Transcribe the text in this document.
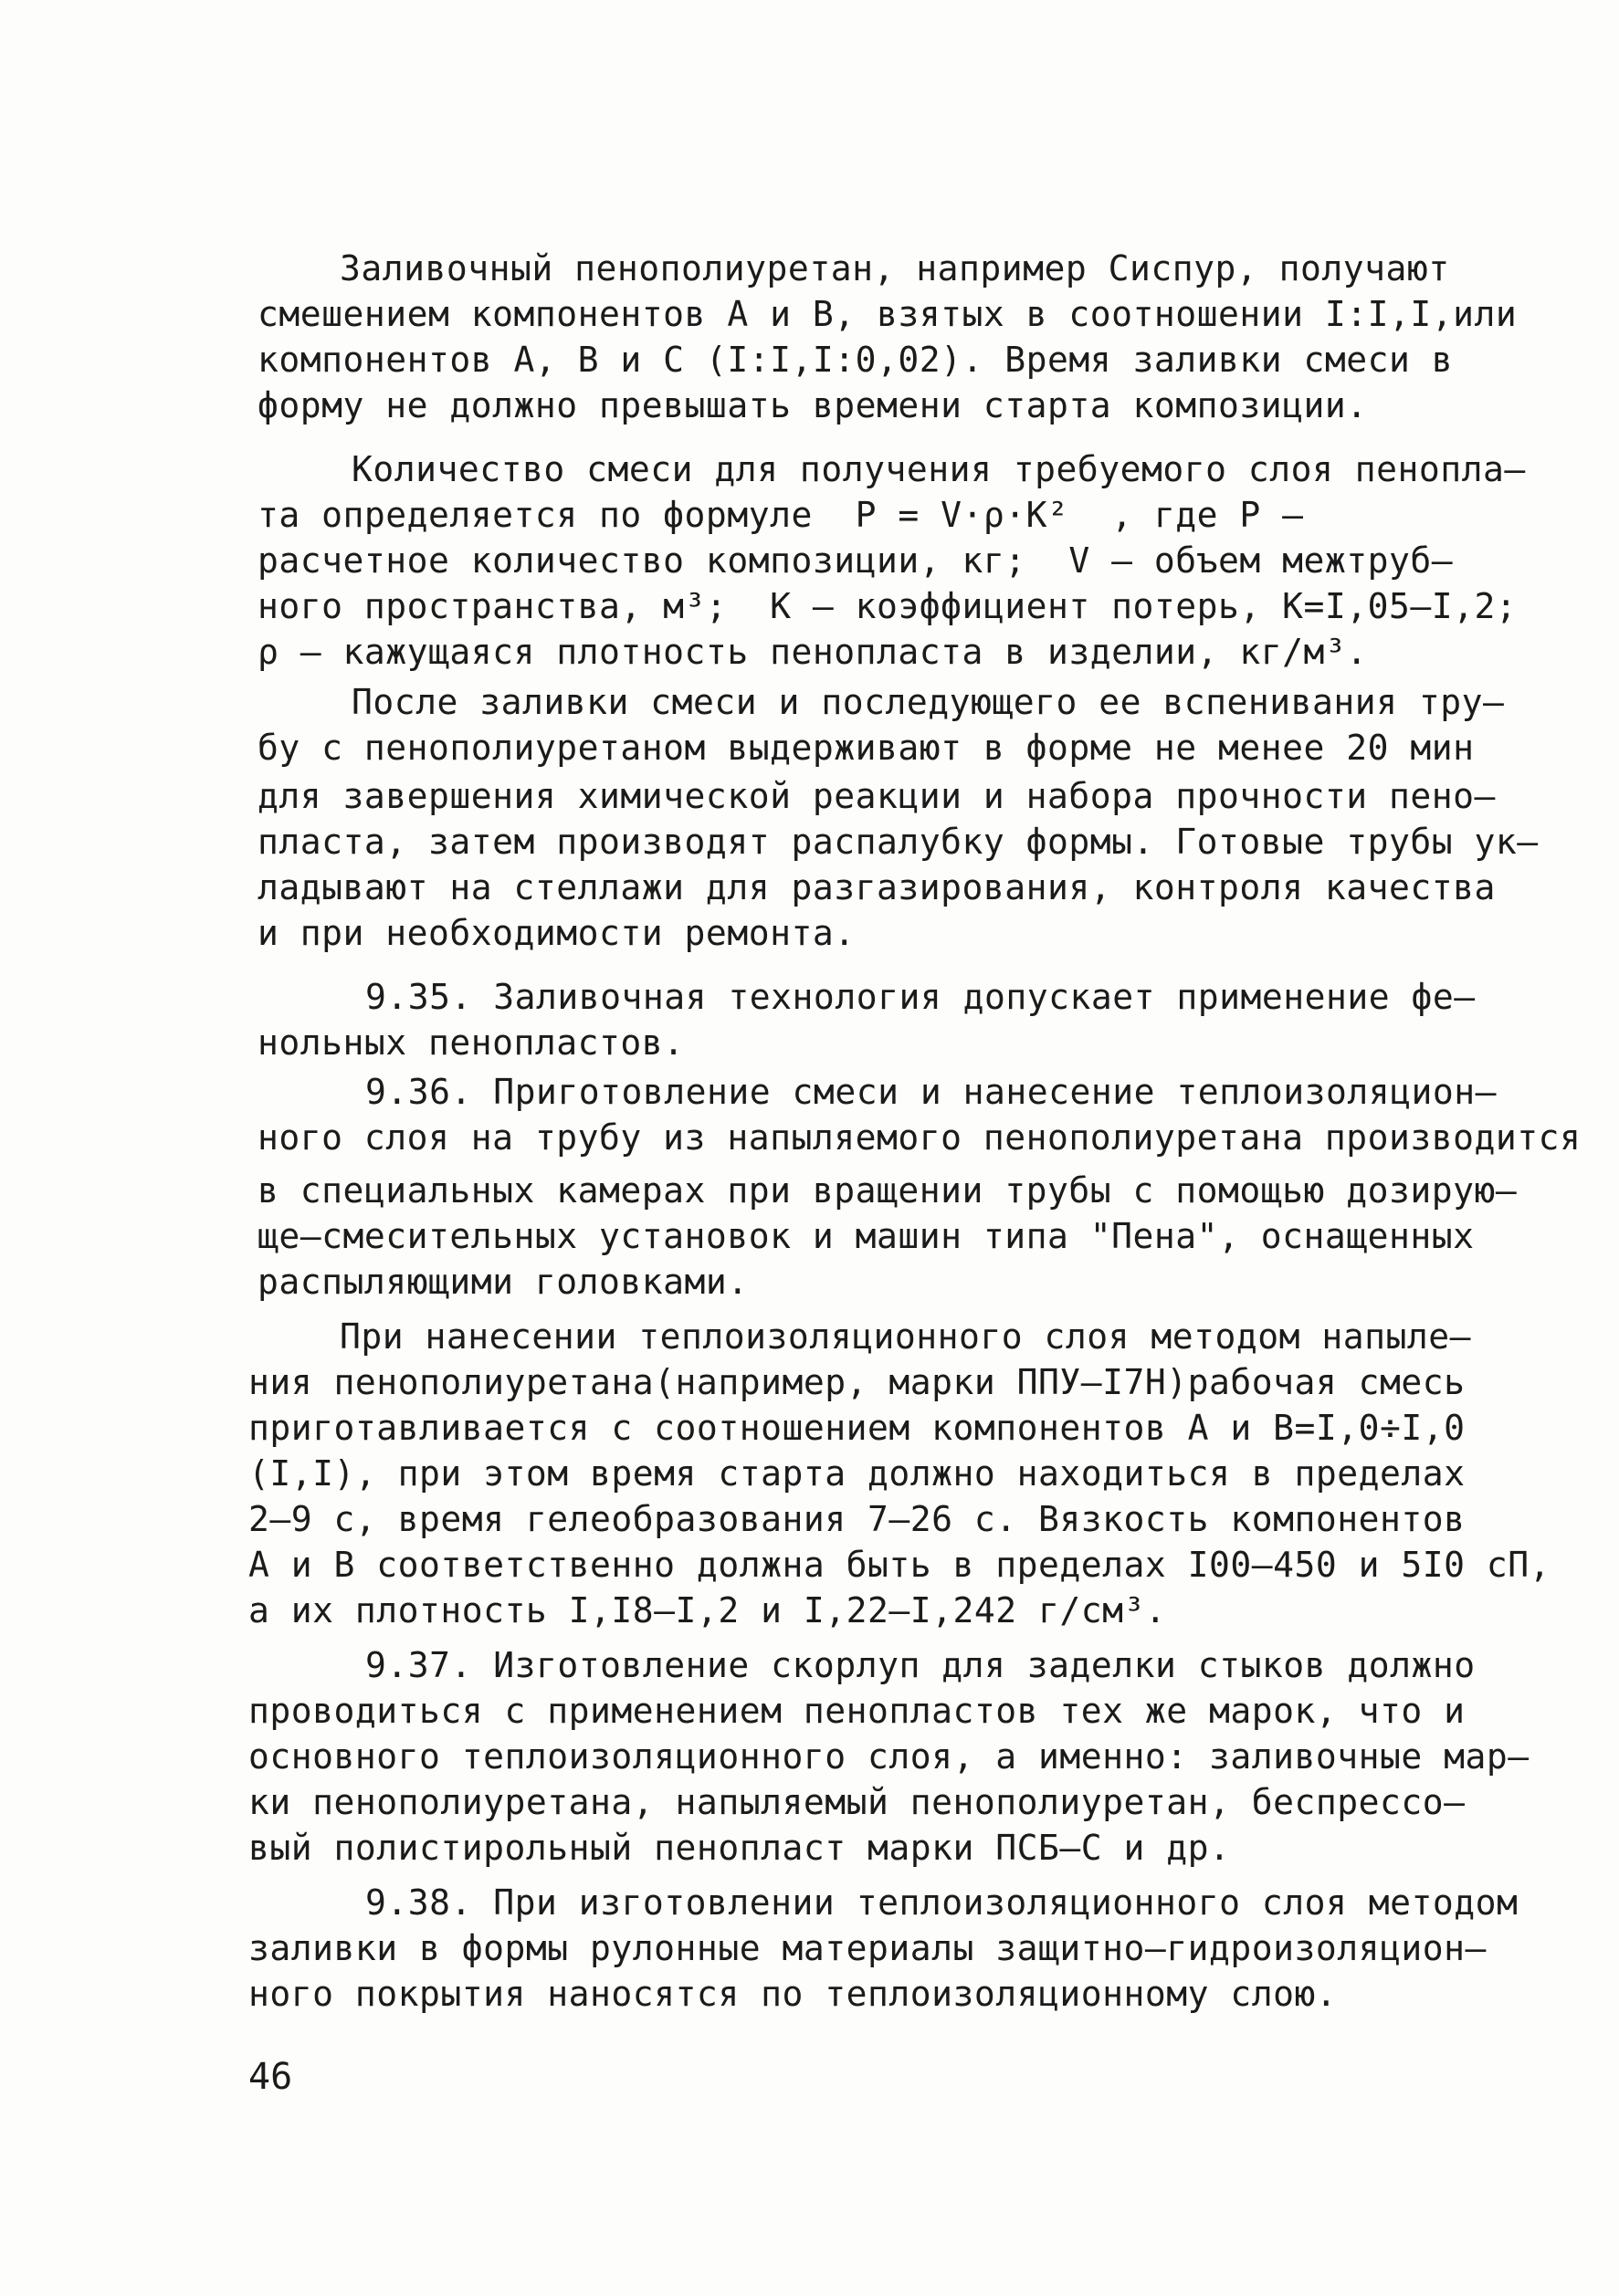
Заливочный пенополиуретан, например Сиспур, получают
смешением компонентов А и В, взятых в соотношении I:I,I,или
компонентов А, В и С (I:I,I:0,02). Время заливки смеси в
форму не должно превышать времени старта композиции.
Количество смеси для получения требуемого слоя пенопла–
та определяется по формуле  Р = V·ρ·К²  , где Р –
расчетное количество композиции, кг;  V – объем межтруб–
ного пространства, м³;  К – коэффициент потерь, К=I,05–I,2;
ρ – кажущаяся плотность пенопласта в изделии, кг/м³.
После заливки смеси и последующего ее вспенивания тру–
бу с пенополиуретаном выдерживают в форме не менее 20 мин
для завершения химической реакции и набора прочности пено–
пласта, затем производят распалубку формы. Готовые трубы ук–
ладывают на стеллажи для разгазирования, контроля качества
и при необходимости ремонта.
9.35. Заливочная технология допускает применение фе–
нольных пенопластов.
9.36. Приготовление смеси и нанесение теплоизоляцион–
ного слоя на трубу из напыляемого пенополиуретана производится
в специальных камерах при вращении трубы с помощью дозирую–
ще–смесительных установок и машин типа "Пена", оснащенных
распыляющими головками.
При нанесении теплоизоляционного слоя методом напыле–
ния пенополиуретана(например, марки ППУ–I7Н)рабочая смесь
приготавливается с соотношением компонентов А и В=I,0÷I,0
(I,I), при этом время старта должно находиться в пределах
2–9 с, время гелеобразования 7–26 с. Вязкость компонентов
А и В соответственно должна быть в пределах I00–450 и 5I0 сП,
а их плотность I,I8–I,2 и I,22–I,242 г/см³.
9.37. Изготовление скорлуп для заделки стыков должно
проводиться с применением пенопластов тех же марок, что и
основного теплоизоляционного слоя, а именно: заливочные мар–
ки пенополиуретана, напыляемый пенополиуретан, беспрессо–
вый полистирольный пенопласт марки ПСБ–С и др.
9.38. При изготовлении теплоизоляционного слоя методом
заливки в формы рулонные материалы защитно–гидроизоляцион–
ного покрытия наносятся по теплоизоляционному слою.
46
